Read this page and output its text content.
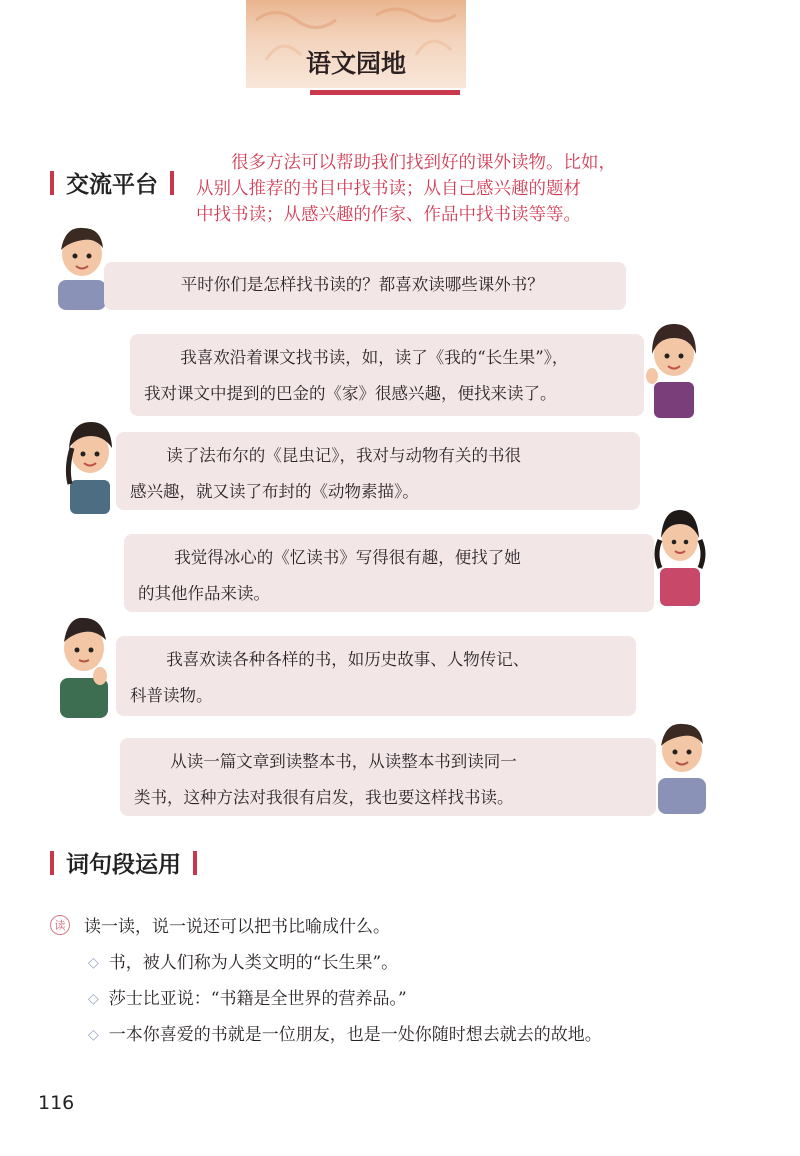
语文园地
交流平台

很多方法可以帮助我们找到好的课外读物。比如，

从别人推荐的书目中找书读；从自己感兴趣的题材

中找书读；从感兴趣的作家、作品中找书读等等。

平时你们是怎样找书读的？都喜欢读哪些课外书？

我喜欢沿着课文找书读，如，读了《我的“长生果”》，

我对课文中提到的巴金的《家》很感兴趣，便找来读了。

读了法布尔的《昆虫记》，我对与动物有关的书很

感兴趣，就又读了布封的《动物素描》。

我觉得冰心的《忆读书》写得很有趣，便找了她

的其他作品来读。

我喜欢读各种各样的书，如历史故事、人物传记、

科普读物。

从读一篇文章到读整本书，从读整本书到读同一

类书，这种方法对我很有启发，我也要这样找书读。

词句段运用
读 读一读，说一说还可以把书比喻成什么。
◇ 书，被人们称为人类文明的“长生果”。
◇ 莎士比亚说：“书籍是全世界的营养品。”
◇ 一本你喜爱的书就是一位朋友，也是一处你随时想去就去的故地。
116
